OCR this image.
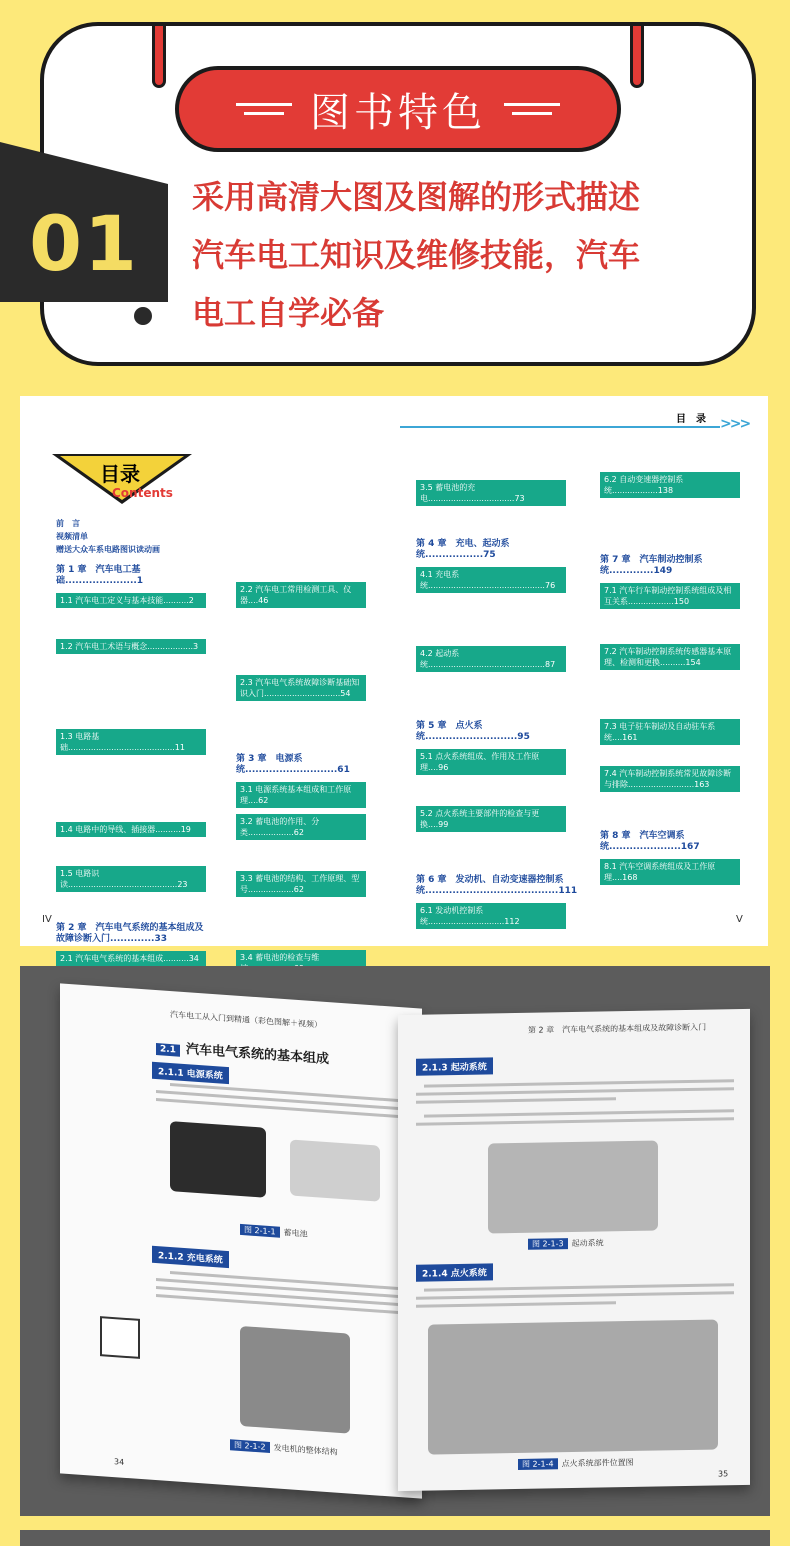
图书特色
01
采用高清大图及图解的形式描述
汽车电工知识及维修技能，汽车
电工自学必备
目　录 >>>
目录
Contents
前　言
视频清单
赠送大众车系电路图识读动画
第 1 章　汽车电工基础.....................1
1.1 汽车电工定义与基本技能..........2
1.2 汽车电工术语与概念..................3
1.3 电路基础..........................................11
1.4 电路中的导线、插接器..........19
1.5 电路识读...........................................23
第 2 章　汽车电气系统的基本组成及故障诊断入门.............33
2.1 汽车电气系统的基本组成..........34
2.2 汽车电工常用检测工具、仪器....46
2.3 汽车电气系统故障诊断基础知识入门..............................54
第 3 章　电源系统...........................61
3.1 电源系统基本组成和工作原理....62
3.2 蓄电池的作用、分类..................62
3.3 蓄电池的结构、工作原理、型号..................62
3.4 蓄电池的检查与维
3.5 蓄电池的充电..................................73
第 4 章　充电、起动系统.................75
4.1 充电系统..............................................76
4.2 起动系统..............................................87
第 5 章　点火系统...........................95
5.1 点火系统组成、作用及工作原理....96
5.2 点火系统主要部件的检查与更换....99
第 6 章　发动机、自动变速器控制系统.......................................111
6.1 发动机控制系统..............................112
6.2 自动变速器控制系统..................138
第 7 章　汽车制动控制系统.............149
7.1 汽车行车制动控制系统组成及相互关系..................150
7.2 汽车制动控制系统传感器基本原理、检测和更换..........154
7.3 电子驻车制动及自动驻车系统....161
7.4 汽车制动控制系统常见故障诊断与排除..........................163
第 8 章　汽车空调系统.....................167
8.1 汽车空调系统组成及工作原理....168
IV	V
汽车电工从入门到精通（彩色图解＋视频）
2.1 汽车电气系统的基本组成
2.1.1 电源系统
图 2-1-1 蓄电池
2.1.2 充电系统
图 2-1-2 发电机的整体结构
34
第 2 章　汽车电气系统的基本组成及故障诊断入门
2.1.3 起动系统
图 2-1-3 起动系统
2.1.4 点火系统
图 2-1-4 点火系统部件位置图
35
